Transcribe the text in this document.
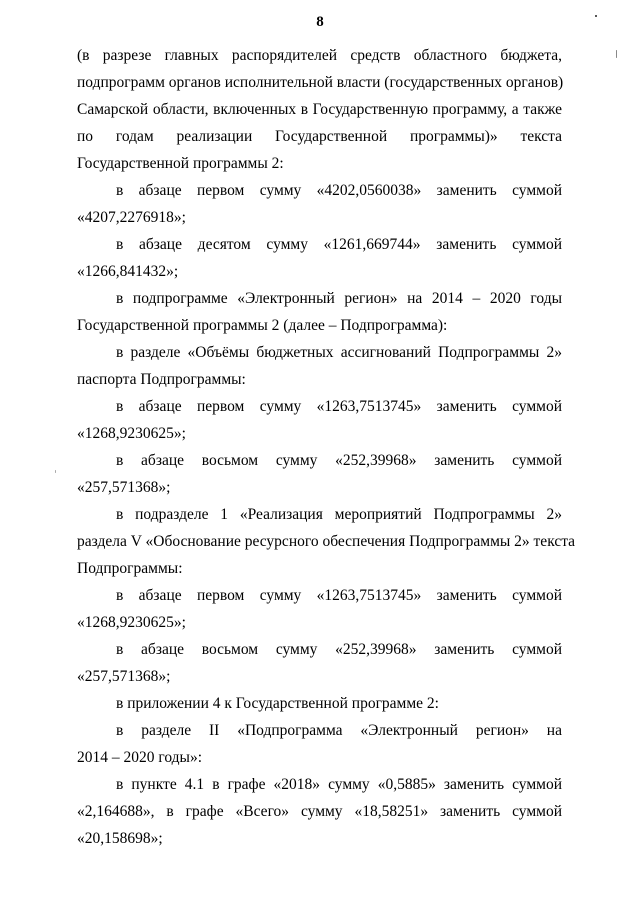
8
(в разрезе главных распорядителей средств областного бюджета,
подпрограмм органов исполнительной власти (государственных органов)
Самарской области, включенных в Государственную программу, а также
по годам реализации Государственной программы)» текста
Государственной программы 2:
в абзаце первом сумму «4202,0560038» заменить суммой
«4207,2276918»;
в абзаце десятом сумму «1261,669744» заменить суммой
«1266,841432»;
в подпрограмме «Электронный регион» на 2014 – 2020 годы
Государственной программы 2 (далее – Подпрограмма):
в разделе «Объёмы бюджетных ассигнований Подпрограммы 2»
паспорта Подпрограммы:
в абзаце первом сумму «1263,7513745» заменить суммой
«1268,9230625»;
в абзаце восьмом сумму «252,39968» заменить суммой
«257,571368»;
в подразделе 1 «Реализация мероприятий Подпрограммы 2»
раздела V «Обоснование ресурсного обеспечения Подпрограммы 2» текста
Подпрограммы:
в абзаце первом сумму «1263,7513745» заменить суммой
«1268,9230625»;
в абзаце восьмом сумму «252,39968» заменить суммой
«257,571368»;
в приложении 4 к Государственной программе 2:
в разделе II «Подпрограмма «Электронный регион» на
2014 – 2020 годы»:
в пункте 4.1 в графе «2018» сумму «0,5885» заменить суммой
«2,164688», в графе «Всего» сумму «18,58251» заменить суммой
«20,158698»;
